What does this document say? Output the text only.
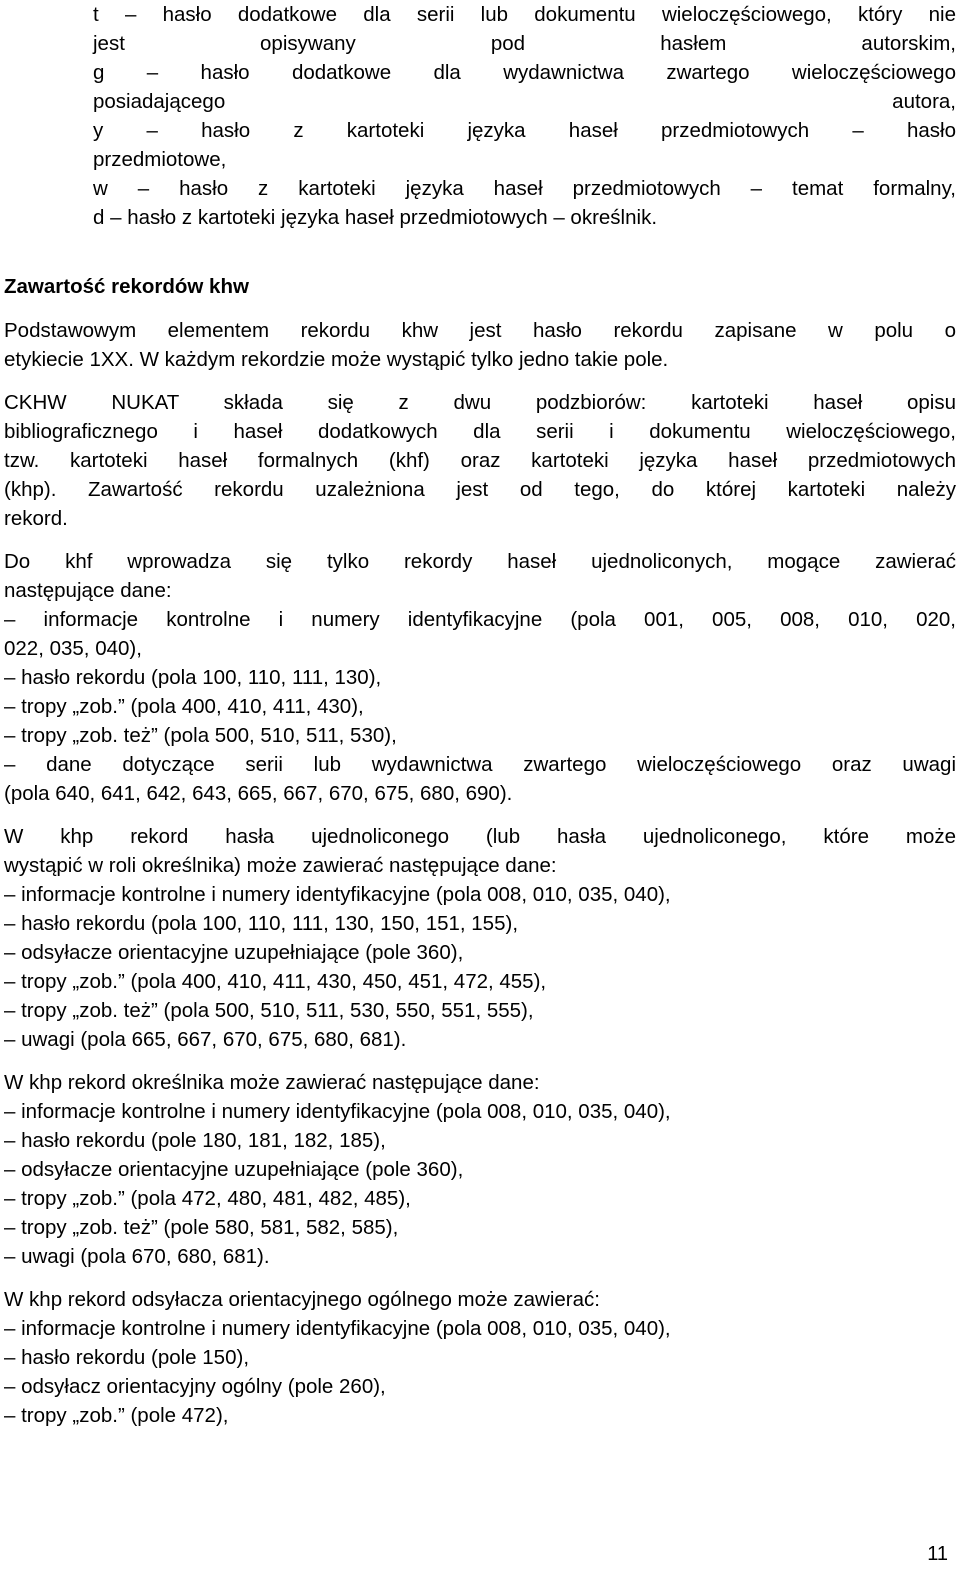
t – hasło dodatkowe dla serii lub dokumentu wieloczęściowego, który nie
jest opisywany pod hasłem autorskim,
g – hasło dodatkowe dla wydawnictwa zwartego wieloczęściowego
posiadającego autora,
y – hasło z kartoteki języka haseł przedmiotowych – hasło
przedmiotowe,
w – hasło z kartoteki języka haseł przedmiotowych – temat formalny,
d – hasło z kartoteki języka haseł przedmiotowych – określnik.
Zawartość rekordów khw
Podstawowym elementem rekordu khw jest hasło rekordu zapisane w polu o
etykiecie 1XX. W każdym rekordzie może wystąpić tylko jedno takie pole.
CKHW NUKAT składa się z dwu podzbiorów: kartoteki haseł opisu
bibliograficznego i haseł dodatkowych dla serii i dokumentu wieloczęściowego,
tzw. kartoteki haseł formalnych (khf) oraz kartoteki języka haseł przedmiotowych
(khp). Zawartość rekordu uzależniona jest od tego, do której kartoteki należy
rekord.
Do khf wprowadza się tylko rekordy haseł ujednoliconych, mogące zawierać
następujące dane:
– informacje kontrolne i numery identyfikacyjne (pola 001, 005, 008, 010, 020,
022, 035, 040),
– hasło rekordu (pola 100, 110, 111, 130),
– tropy „zob.” (pola 400, 410, 411, 430),
– tropy „zob. też” (pola 500, 510, 511, 530),
– dane dotyczące serii lub wydawnictwa zwartego wieloczęściowego oraz uwagi
(pola 640, 641, 642, 643, 665, 667, 670, 675, 680, 690).
W khp rekord hasła ujednoliconego (lub hasła ujednoliconego, które może
wystąpić w roli określnika) może zawierać następujące dane:
– informacje kontrolne i numery identyfikacyjne (pola 008, 010, 035, 040),
– hasło rekordu (pola 100, 110, 111, 130, 150, 151, 155),
– odsyłacze orientacyjne uzupełniające (pole 360),
– tropy „zob.” (pola 400, 410, 411, 430, 450, 451, 472, 455),
– tropy „zob. też” (pola 500, 510, 511, 530, 550, 551, 555),
– uwagi (pola 665, 667, 670, 675, 680, 681).
W khp rekord określnika może zawierać następujące dane:
– informacje kontrolne i numery identyfikacyjne (pola 008, 010, 035, 040),
– hasło rekordu (pole 180, 181, 182, 185),
– odsyłacze orientacyjne uzupełniające (pole 360),
– tropy „zob.” (pola 472, 480, 481, 482, 485),
– tropy „zob. też” (pole 580, 581, 582, 585),
– uwagi (pola 670, 680, 681).
W khp rekord odsyłacza orientacyjnego ogólnego może zawierać:
– informacje kontrolne i numery identyfikacyjne (pola 008, 010, 035, 040),
– hasło rekordu (pole 150),
– odsyłacz orientacyjny ogólny (pole 260),
– tropy „zob.” (pole 472),
11
